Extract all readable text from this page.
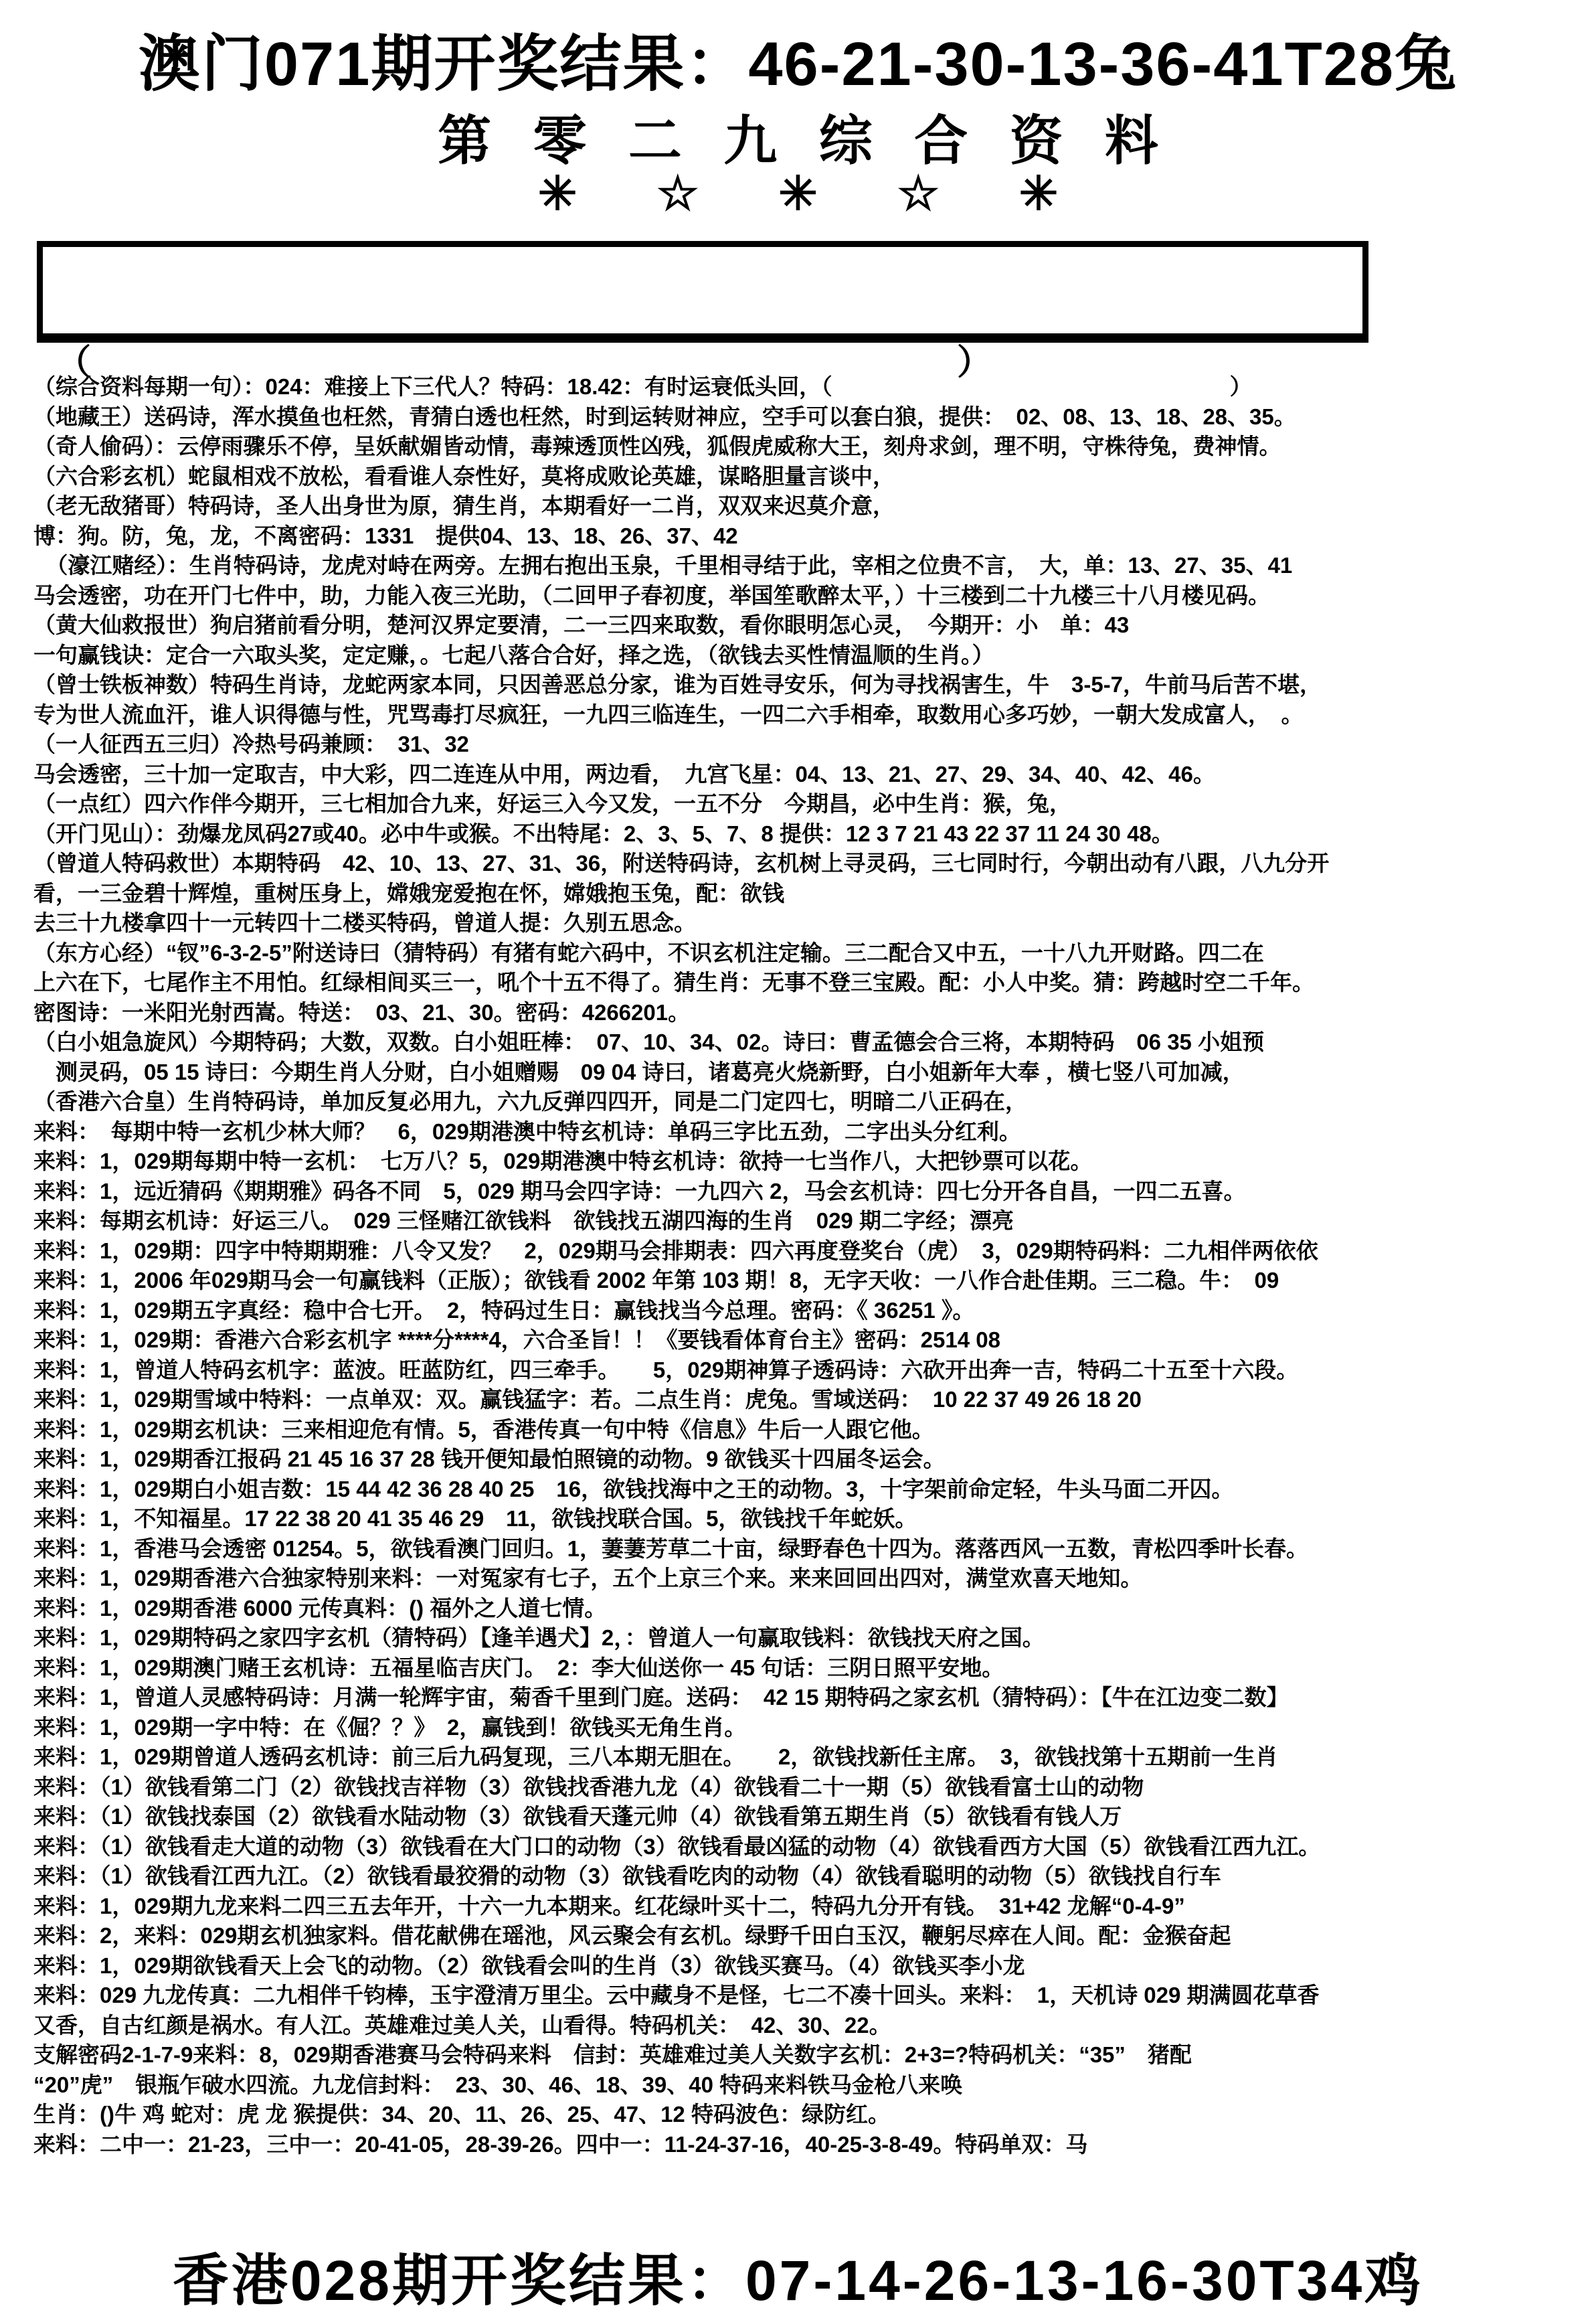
澳门071期开奖结果：46-21-30-13-36-41T28兔
第零二九综合资料
✳☆✳☆✳
（	）

（综合资料每期一句）：024：难接上下三代人？特码：18.42：有时运衰低头回，（　　　　　　　　　　　　　　　　　　）

（地藏王）送码诗，浑水摸鱼也枉然，青猜白透也枉然，时到运转财神应，空手可以套白狼，提供：　02、08、13、18、28、35。

（奇人偷码）：云停雨骤乐不停，呈妖献媚皆动情，毒辣透顶性凶残，狐假虎威称大王，刻舟求剑，理不明，守株待兔，费神情。

（六合彩玄机）蛇鼠相戏不放松，看看谁人奈性好，莫将成败论英雄，谋略胆量言谈中，

（老无敌猪哥）特码诗，圣人出身世为原，猜生肖，本期看好一二肖，双双来迟莫介意，

博：狗。防，兔，龙，不离密码：1331　提供04、13、18、26、37、42

（濠江赌经）：生肖特码诗，龙虎对峙在两旁。左拥右抱出玉泉，千里相寻结于此，宰相之位贵不言，　大，单：13、27、35、41

马会透密，功在开门七件中，助，力能入夜三光助，（二回甲子春初度，举国笙歌醉太平，）十三楼到二十九楼三十八月楼见码。

（黄大仙救报世）狗启猪前看分明，楚河汉界定要清，二一三四来取数，看你眼明怎心灵，　今期开：小　单：43

一句赢钱诀：定合一六取头奖，定定赚，。七起八落合合好，择之选，（欲钱去买性情温顺的生肖。）

（曾士铁板神数）特码生肖诗，龙蛇两家本同，只因善恶总分家，谁为百姓寻安乐，何为寻找祸害生，牛　3-5-7，牛前马后苦不堪，

专为世人流血汗，谁人识得德与性，咒骂毒打尽疯狂，一九四三临连生，一四二六手相牵，取数用心多巧妙，一朝大发成富人，　。

（一人征西五三归）冷热号码兼顾：　31、32

马会透密，三十加一定取吉，中大彩，四二连连从中用，两边看，　九宫飞星：04、13、21、27、29、34、40、42、46。

（一点红）四六作伴今期开，三七相加合九来，好运三入今又发，一五不分　今期昌，必中生肖：猴，兔，

（开门见山）：劲爆龙凤码27或40。必中牛或猴。不出特尾：2、3、5、7、8 提供：12 3 7 21 43 22 37 11 24 30 48。

（曾道人特码救世）本期特码　42、10、13、27、31、36，附送特码诗，玄机树上寻灵码，三七同时行，今朝出动有八跟，八九分开

看，一三金碧十辉煌，重树压身上，嫦娥宠爱抱在怀，嫦娥抱玉兔，配：欲钱

去三十九楼拿四十一元转四十二楼买特码，曾道人提：久别五思念。

（东方心经）“钗”6-3-2-5”附送诗曰（猜特码）有猪有蛇六码中，不识玄机注定输。三二配合又中五，一十八九开财路。四二在

上六在下，七尾作主不用怕。红绿相间买三一，吼个十五不得了。猜生肖：无事不登三宝殿。配：小人中奖。猜：跨越时空二千年。

密图诗：一米阳光射西嵩。特送：　03、21、30。密码：4266201。

（白小姐急旋风）今期特码；大数，双数。白小姐旺棒：　07、10、34、02。诗曰：曹孟德会合三将，本期特码　06 35 小姐预

　测灵码，05 15 诗曰：今期生肖人分财，白小姐赠赐　09 04 诗曰，诸葛亮火烧新野，白小姐新年大奉 ，横七竖八可加减，

（香港六合皇）生肖特码诗，单加反复必用九，六九反弹四四开，同是二门定四七，明暗二八正码在，

来料：　每期中特一玄机少林大师？　6，029期港澳中特玄机诗：单码三字比五劲，二字出头分红利。

来料：1，029期每期中特一玄机：　七万八？5，029期港澳中特玄机诗：欲持一七当作八，大把钞票可以花。

来料：1，远近猜码《期期雅》码各不同　5，029 期马会四字诗：一九四六 2，马会玄机诗：四七分开各自昌，一四二五喜。

来料：每期玄机诗：好运三八。　029 三怪赌江欲钱料　欲钱找五湖四海的生肖　029 期二字经；漂亮

来料：1，029期：四字中特期期雅：八令又发？　2，029期马会排期表：四六再度登奖台（虎）　3，029期特码料：二九相伴两依依

来料：1，2006 年029期马会一句赢钱料（正版）；欲钱看 2002 年第 103 期！8，无字天收：一八作合赴佳期。三二稳。牛：　09

来料：1，029期五字真经：稳中合七开。　2，特码过生日：赢钱找当今总理。密码：《 36251 》。

来料：1，029期：香港六合彩玄机字 ****分****4，六合圣旨！！《要钱看体育台主》密码：2514 08

来料：1，曾道人特码玄机字：蓝波。旺蓝防红，四三牵手。　　5，029期神算子透码诗：六砍开出奔一吉，特码二十五至十六段。

来料：1，029期雪域中特料：一点单双：双。赢钱猛字：若。二点生肖：虎兔。雪域送码：　10 22 37 49 26 18 20

来料：1，029期玄机诀：三来相迎危有情。5，香港传真一句中特《信息》牛后一人跟它他。

来料：1，029期香江报码 21 45 16 37 28 钱开便知最怕照镜的动物。9 欲钱买十四届冬运会。

来料：1，029期白小姐吉数：15 44 42 36 28 40 25　16，欲钱找海中之王的动物。3，十字架前命定轻，牛头马面二开囚。

来料：1，不知福星。17 22 38 20 41 35 46 29　11，欲钱找联合国。5，欲钱找千年蛇妖。

来料：1，香港马会透密 01254。5，欲钱看澳门回归。1，萋萋芳草二十亩，绿野春色十四为。落落西风一五数，青松四季叶长春。

来料：1，029期香港六合独家特别来料：一对冤家有七子，五个上京三个来。来来回回出四对，满堂欢喜天地知。

来料：1，029期香港 6000 元传真料：() 福外之人道七情。

来料：1，029期特码之家四字玄机（猜特码）【逢羊遇犬】2，：曾道人一句赢取钱料：欲钱找天府之国。

来料：1，029期澳门赌王玄机诗：五福星临吉庆门。　2：李大仙送你一 45 句话：三阴日照平安地。

来料：1，曾道人灵感特码诗：月满一轮辉宇宙，菊香千里到门庭。送码：　42 15 期特码之家玄机（猜特码）：【牛在江边变二数】

来料：1，029期一字中特：在《倔？？》　2，赢钱到！欲钱买无角生肖。

来料：1，029期曾道人透码玄机诗：前三后九码复现，三八本期无胆在。　　2，欲钱找新任主席。　3，欲钱找第十五期前一生肖

来料：（1）欲钱看第二门（2）欲钱找吉祥物（3）欲钱找香港九龙（4）欲钱看二十一期（5）欲钱看富士山的动物

来料：（1）欲钱找泰国（2）欲钱看水陆动物（3）欲钱看天蓬元帅（4）欲钱看第五期生肖（5）欲钱看有钱人万

来料：（1）欲钱看走大道的动物（3）欲钱看在大门口的动物（3）欲钱看最凶猛的动物（4）欲钱看西方大国（5）欲钱看江西九江。

来料：（1）欲钱看江西九江。（2）欲钱看最狡猾的动物（3）欲钱看吃肉的动物（4）欲钱看聪明的动物（5）欲钱找自行车

来料：1，029期九龙来料二四三五去年开，十六一九本期来。红花绿叶买十二，特码九分开有钱。　31+42 龙解“0-4-9”

来料：2，来料：029期玄机独家料。借花献佛在瑶池，风云聚会有玄机。绿野千田白玉汉，鞭躬尽瘁在人间。配：金猴奋起

来料：1，029期欲钱看天上会飞的动物。（2）欲钱看会叫的生肖（3）欲钱买赛马。（4）欲钱买李小龙

来料：029 九龙传真：二九相伴千钧棒，玉宇澄清万里尘。云中藏身不是怪，七二不凑十回头。来料：　1，天机诗 029 期满圆花草香

又香，自古红颜是祸水。有人江。英雄难过美人关，山看得。特码机关：　42、30、22。

支解密码2-1-7-9来料：8，029期香港赛马会特码来料　信封：英雄难过美人关数字玄机：2+3=?特码机关：“35”　猪配

“20”虎”　银瓶乍破水四流。九龙信封料：　23、30、46、18、39、40 特码来料铁马金枪八来唤

生肖：()牛 鸡 蛇对：虎 龙 猴提供：34、20、11、26、25、47、12 特码波色：绿防红。

来料：二中一：21-23，三中一：20-41-05，28-39-26。四中一：11-24-37-16，40-25-3-8-49。特码单双：马

香港028期开奖结果：07-14-26-13-16-30T34鸡
